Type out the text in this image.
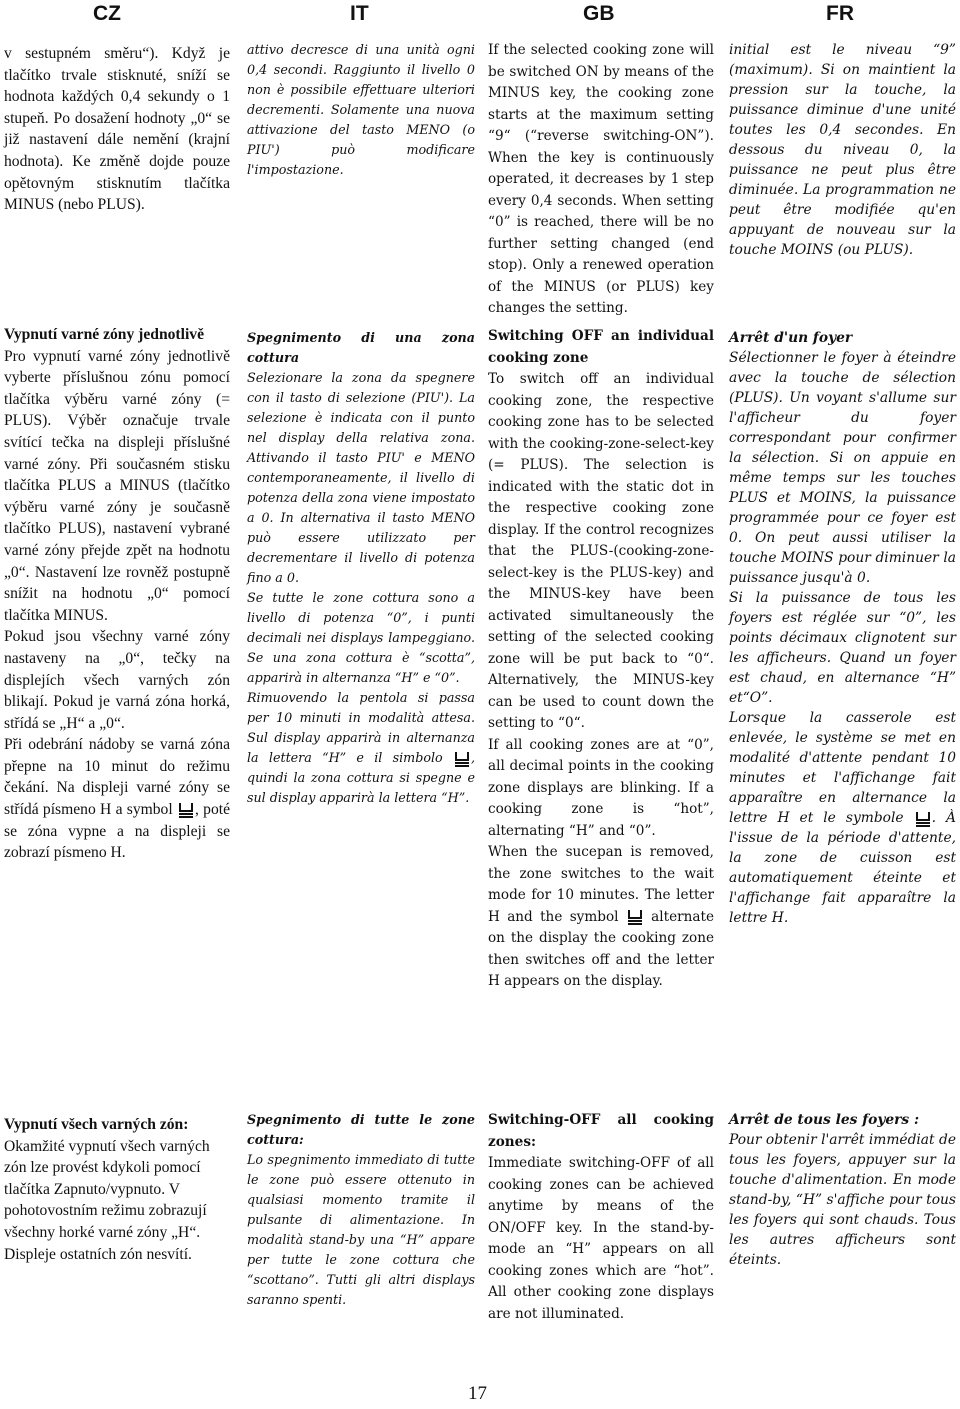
CZ	IT	GB	FR

v sestupném směru“). Když je tlačítko trvale stisknuté, sníží se hodnota každých 0,4 sekundy o 1 stupeň. Po dosažení hodnoty „0“ se již nastavení dále nemění (krajní hodnota). Ke změně dojde pouze opětovným stisknutím tlačítka MINUS (nebo PLUS).

attivo decresce di una unità ogni 0,4 secondi. Raggiunto il livello 0 non è possibile effettuare ulteriori decrementi. Solamente una nuova attivazione del tasto MENO (o PIU') può modificare l'impostazione.

If the selected cooking zone will be switched ON by means of the MINUS key, the cooking zone starts at the maximum setting “9“ (“reverse switching-ON”). When the key is continuously operated, it decreases by 1 step every 0,4 seconds. When setting “0” is reached, there will be no further setting changed (end stop). Only a renewed operation of the MINUS (or PLUS) key changes the setting.

initial est le niveau “9” (maximum). Si on maintient la pression sur la touche, la puissance diminue d'une unité toutes les 0,4 secondes. En dessous du niveau 0, la puissance ne peut plus être diminuée. La programmation ne peut être modifiée qu'en appuyant de nouveau sur la touche MOINS (ou PLUS).

Vypnutí varné zóny jednotlivě

Pro vypnutí varné zóny jednotlivě vyberte příslušnou zónu pomocí tlačítka výběru varné zóny (= PLUS). Výběr označuje trvale svítící tečka na displeji příslušné varné zóny. Při současném stisku tlačítka PLUS a MINUS (tlačítko výběru varné zóny je současně tlačítko PLUS), nastavení vybrané varné zóny přejde zpět na hodnotu „0“. Nastavení lze rovněž postupně snížit na hodnotu „0“ pomocí tlačítka MINUS.

Pokud jsou všechny varné zóny nastaveny na „0“, tečky na displejích všech varných zón blikají. Pokud je varná zóna horká, střídá se „H“ a „0“.

Při odebrání nádoby se varná zóna přepne na 10 minut do režimu čekání. Na displeji varné zóny se střídá písmeno H a symbol , poté se zóna vypne a na displeji se zobrazí písmeno H.

Spegnimento di una zona cottura

Selezionare la zona da spegnere con il tasto di selezione (PIU'). La selezione è indicata con il punto nel display della relativa zona. Attivando il tasto PIU' e MENO contemporaneamente, il livello di potenza della zona viene impostato a 0. In alternativa il tasto MENO può essere utilizzato per decrementare il livello di potenza fino a 0.

Se tutte le zone cottura sono a livello di potenza “0”, i punti decimali nei displays lampeggiano. Se una zona cottura è “scotta”, apparirà in alternanza “H” e “0”.

Rimuovendo la pentola si passa per 10 minuti in modalità attesa. Sul display apparirà in alternanza la lettera “H” e il simbolo , quindi la zona cottura si spegne e sul display apparirà la lettera “H”.

Switching OFF an individual cooking zone

To switch off an individual cooking zone, the respective cooking zone has to be selected with the cooking-zone-select-key (= PLUS). The selection is indicated with the static dot in the respective cooking zone display. If the control recognizes that the PLUS-(cooking-zone-select-key is the PLUS-key) and the MINUS-key have been activated simultaneously the setting of the selected cooking zone will be put back to “0“. Alternatively, the MINUS-key can be used to count down the setting to “0“.

If all cooking zones are at “0”, all decimal points in the cooking zone displays are blinking. If a cooking zone is “hot”, alternating “H” and “0”.

When the sucepan is removed, the zone switches to the wait mode for 10 minutes. The letter H and the symbol alternate on the display the cooking zone then switches off and the letter H appears on the display.

Arrêt d'un foyer

Sélectionner le foyer à éteindre avec la touche de sélection (PLUS). Un voyant s'allume sur l'afficheur du foyer correspondant pour confirmer la sélection. Si on appuie en même temps sur les touches PLUS et MOINS, la puissance programmée pour ce foyer est 0. On peut aussi utiliser la touche MOINS pour diminuer la puissance jusqu'à 0.

Si la puissance de tous les foyers est réglée sur “0”, les points décimaux clignotent sur les afficheurs. Quand un foyer est chaud, en alternance “H” et“O”.

Lorsque la casserole est enlevée, le système se met en modalité d'attente pendant 10 minutes et l'affichange fait apparaître en alternance la lettre H et le symbole . À l'issue de la période d'attente, la zone de cuisson est automatiquement éteinte et l'affichange fait apparaître la lettre H.

Vypnutí všech varných zón:

Okamžité vypnutí všech varných zón lze provést kdykoli pomocí tlačítka Zapnuto/vypnuto. V pohotovostním režimu zobrazují všechny horké varné zóny „H“. Displeje ostatních zón nesvítí.

Spegnimento di tutte le zone cottura:

Lo spegnimento immediato di tutte le zone può essere ottenuto in qualsiasi momento tramite il pulsante di alimentazione. In modalità stand-by una “H” appare per tutte le zone cottura che “scottano”. Tutti gli altri displays saranno spenti.

Switching-OFF all cooking zones:

Immediate switching-OFF of all cooking zones can be achieved anytime by means of the ON/OFF key. In the stand-by-mode an “H” appears on all cooking zones which are “hot”. All other cooking zone displays are not illuminated.

Arrêt de tous les foyers :

Pour obtenir l'arrêt immédiat de tous les foyers, appuyer sur la touche d'alimentation. En mode stand-by, “H” s'affiche pour tous les foyers qui sont chauds. Tous les autres afficheurs sont éteints.

17
